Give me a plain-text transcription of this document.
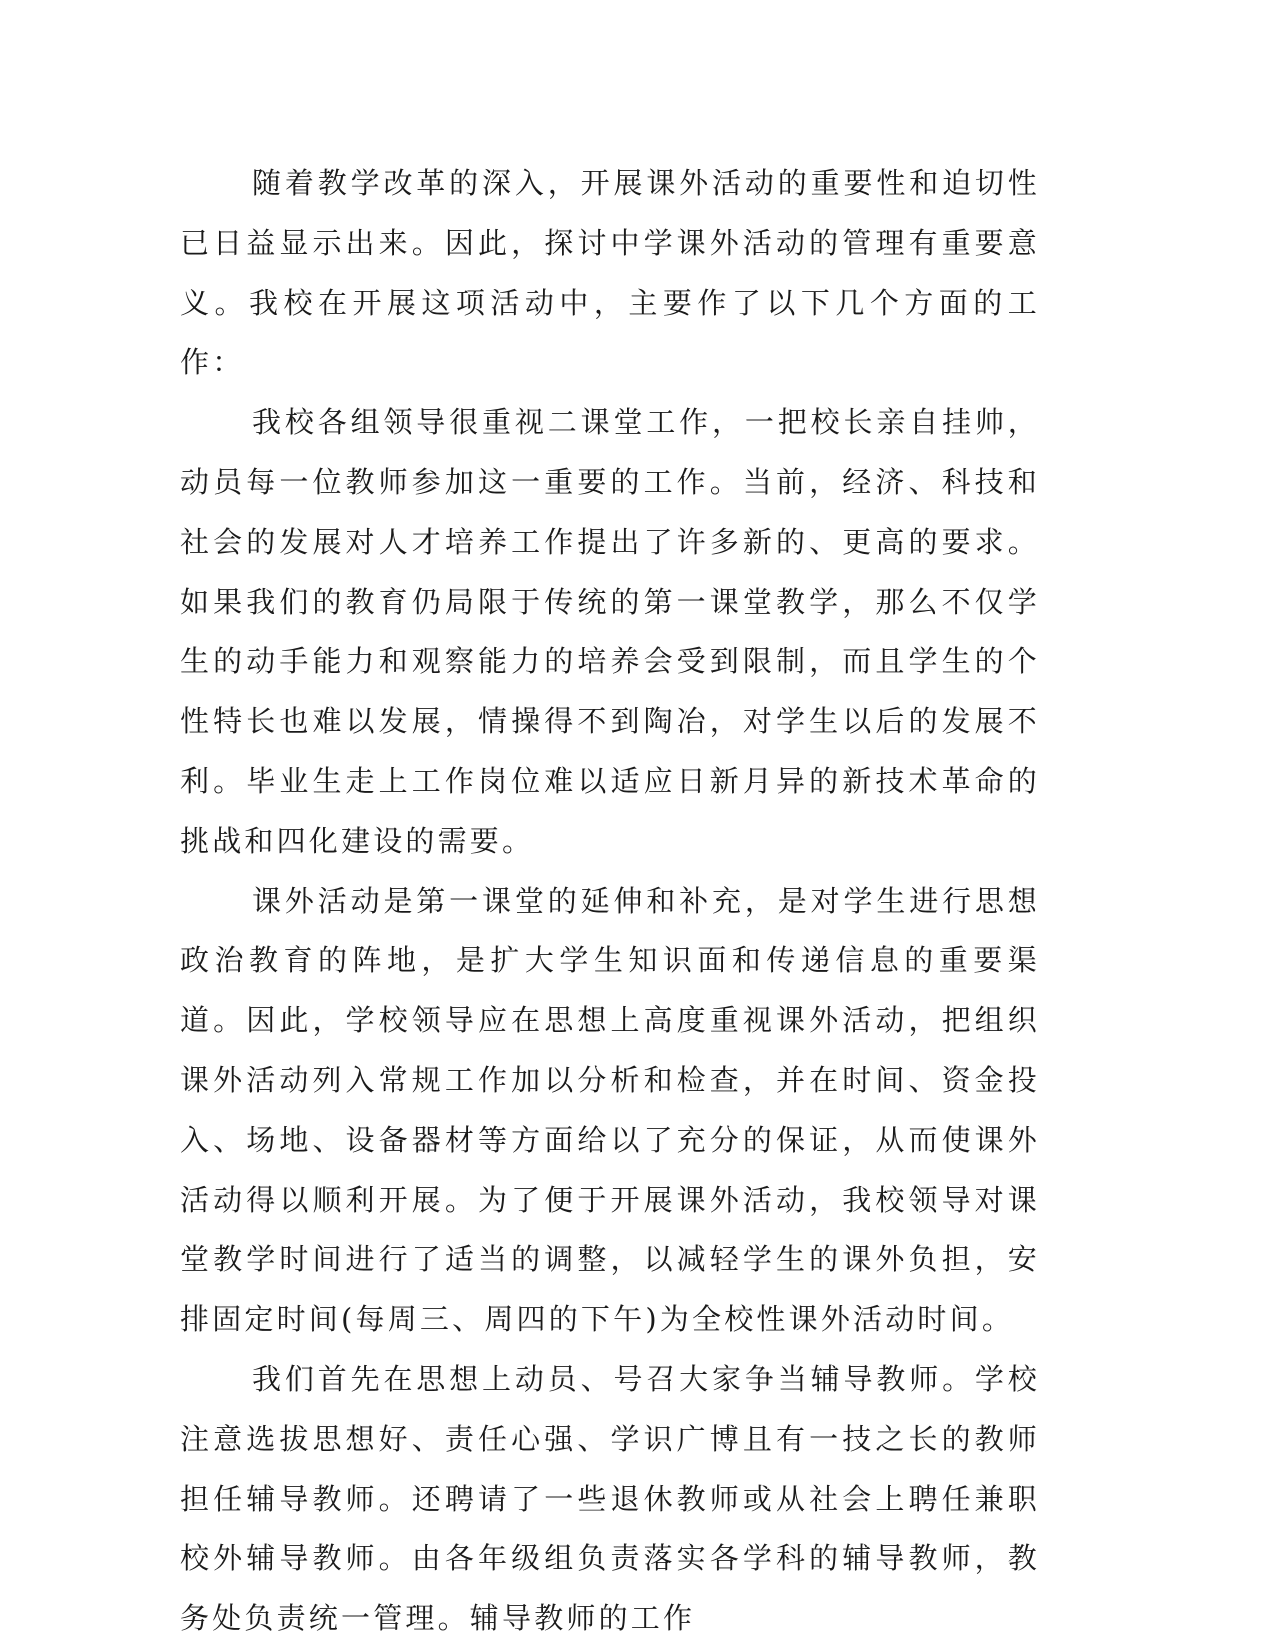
随着教学改革的深入，开展课外活动的重要性和迫切性已日益显示出来。因此，探讨中学课外活动的管理有重要意义。我校在开展这项活动中，主要作了以下几个方面的工作：

我校各组领导很重视二课堂工作，一把校长亲自挂帅，动员每一位教师参加这一重要的工作。当前，经济、科技和社会的发展对人才培养工作提出了许多新的、更高的要求。如果我们的教育仍局限于传统的第一课堂教学，那么不仅学生的动手能力和观察能力的培养会受到限制，而且学生的个性特长也难以发展，情操得不到陶冶，对学生以后的发展不利。毕业生走上工作岗位难以适应日新月异的新技术革命的挑战和四化建设的需要。

课外活动是第一课堂的延伸和补充，是对学生进行思想政治教育的阵地，是扩大学生知识面和传递信息的重要渠道。因此，学校领导应在思想上高度重视课外活动，把组织课外活动列入常规工作加以分析和检查，并在时间、资金投入、场地、设备器材等方面给以了充分的保证，从而使课外活动得以顺利开展。为了便于开展课外活动，我校领导对课堂教学时间进行了适当的调整，以减轻学生的课外负担，安排固定时间(每周三、周四的下午)为全校性课外活动时间。

我们首先在思想上动员、号召大家争当辅导教师。学校注意选拔思想好、责任心强、学识广博且有一技之长的教师担任辅导教师。还聘请了一些退休教师或从社会上聘任兼职校外辅导教师。由各年级组负责落实各学科的辅导教师，教务处负责统一管理。辅导教师的工作
